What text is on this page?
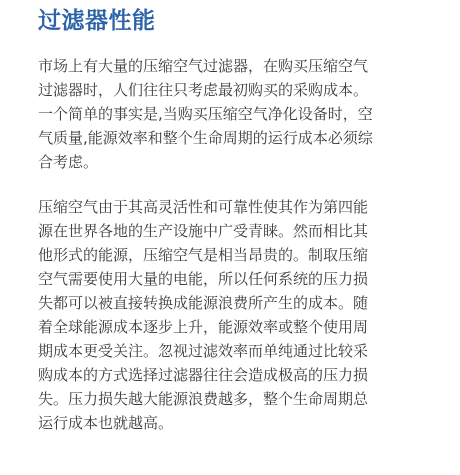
过滤器性能

市场上有大量的压缩空气过滤器，在购买压缩空气
过滤器时，人们往往只考虑最初购买的采购成本。
一个简单的事实是,当购买压缩空气净化设备时，空
气质量,能源效率和整个生命周期的运行成本必须综
合考虑。

压缩空气由于其高灵活性和可靠性使其作为第四能
源在世界各地的生产设施中广受青睐。然而相比其
他形式的能源，压缩空气是相当昂贵的。制取压缩
空气需要使用大量的电能，所以任何系统的压力损
失都可以被直接转换成能源浪费所产生的成本。随
着全球能源成本逐步上升，能源效率或整个使用周
期成本更受关注。忽视过滤效率而单纯通过比较采
购成本的方式选择过滤器往往会造成极高的压力损
失。压力损失越大能源浪费越多，整个生命周期总
运行成本也就越高。
